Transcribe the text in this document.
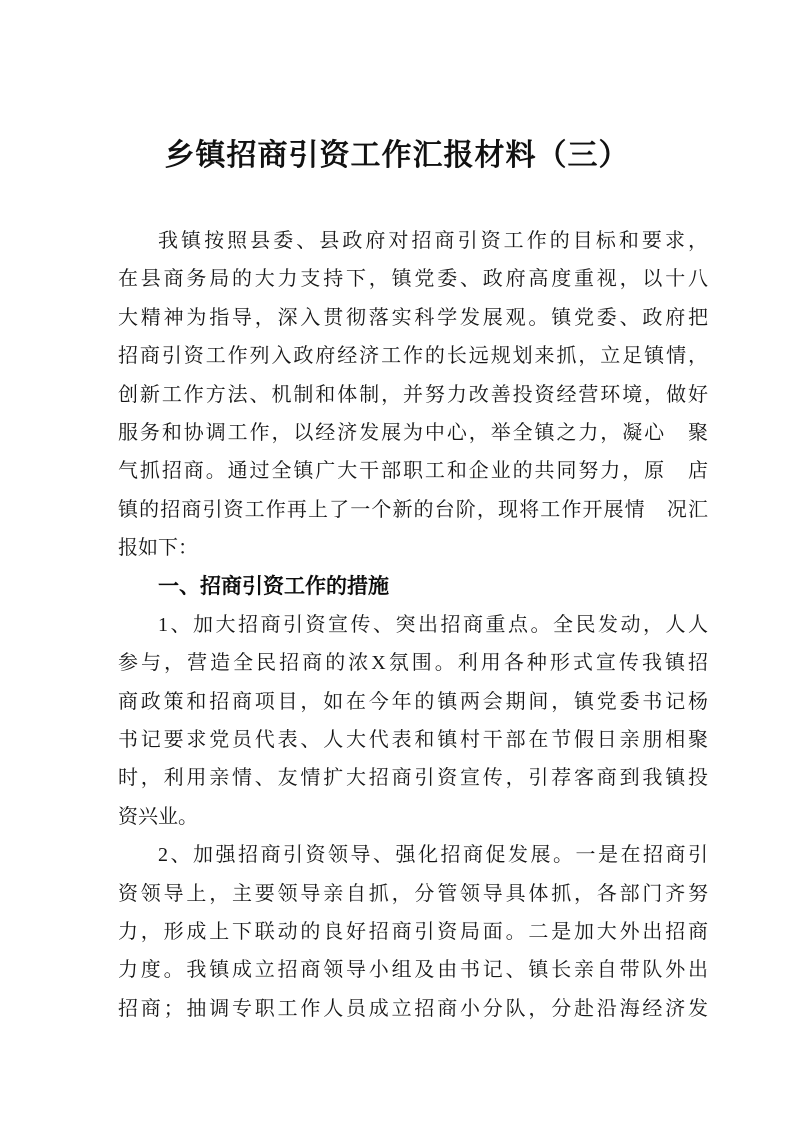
乡镇招商引资工作汇报材料（三）
我镇按照县委、县政府对招商引资工作的目标和要求，
在县商务局的大力支持下，镇党委、政府高度重视，以十八
大精神为指导，深入贯彻落实科学发展观。镇党委、政府把
招商引资工作列入政府经济工作的长远规划来抓，立足镇情，
创新工作方法、机制和体制，并努力改善投资经营环境，做好
服务和协调工作，以经济发展为中心，举全镇之力，凝心　聚
气抓招商。通过全镇广大干部职工和企业的共同努力，原　店
镇的招商引资工作再上了一个新的台阶，现将工作开展情　况汇
报如下：
一、招商引资工作的措施
1、加大招商引资宣传、突出招商重点。全民发动，人人
参与，营造全民招商的浓X氛围。利用各种形式宣传我镇招
商政策和招商项目，如在今年的镇两会期间，镇党委书记杨
书记要求党员代表、人大代表和镇村干部在节假日亲朋相聚
时，利用亲情、友情扩大招商引资宣传，引荐客商到我镇投
资兴业。
2、加强招商引资领导、强化招商促发展。一是在招商引
资领导上，主要领导亲自抓，分管领导具体抓，各部门齐努
力，形成上下联动的良好招商引资局面。二是加大外出招商
力度。我镇成立招商领导小组及由书记、镇长亲自带队外出
招商；抽调专职工作人员成立招商小分队，分赴沿海经济发
